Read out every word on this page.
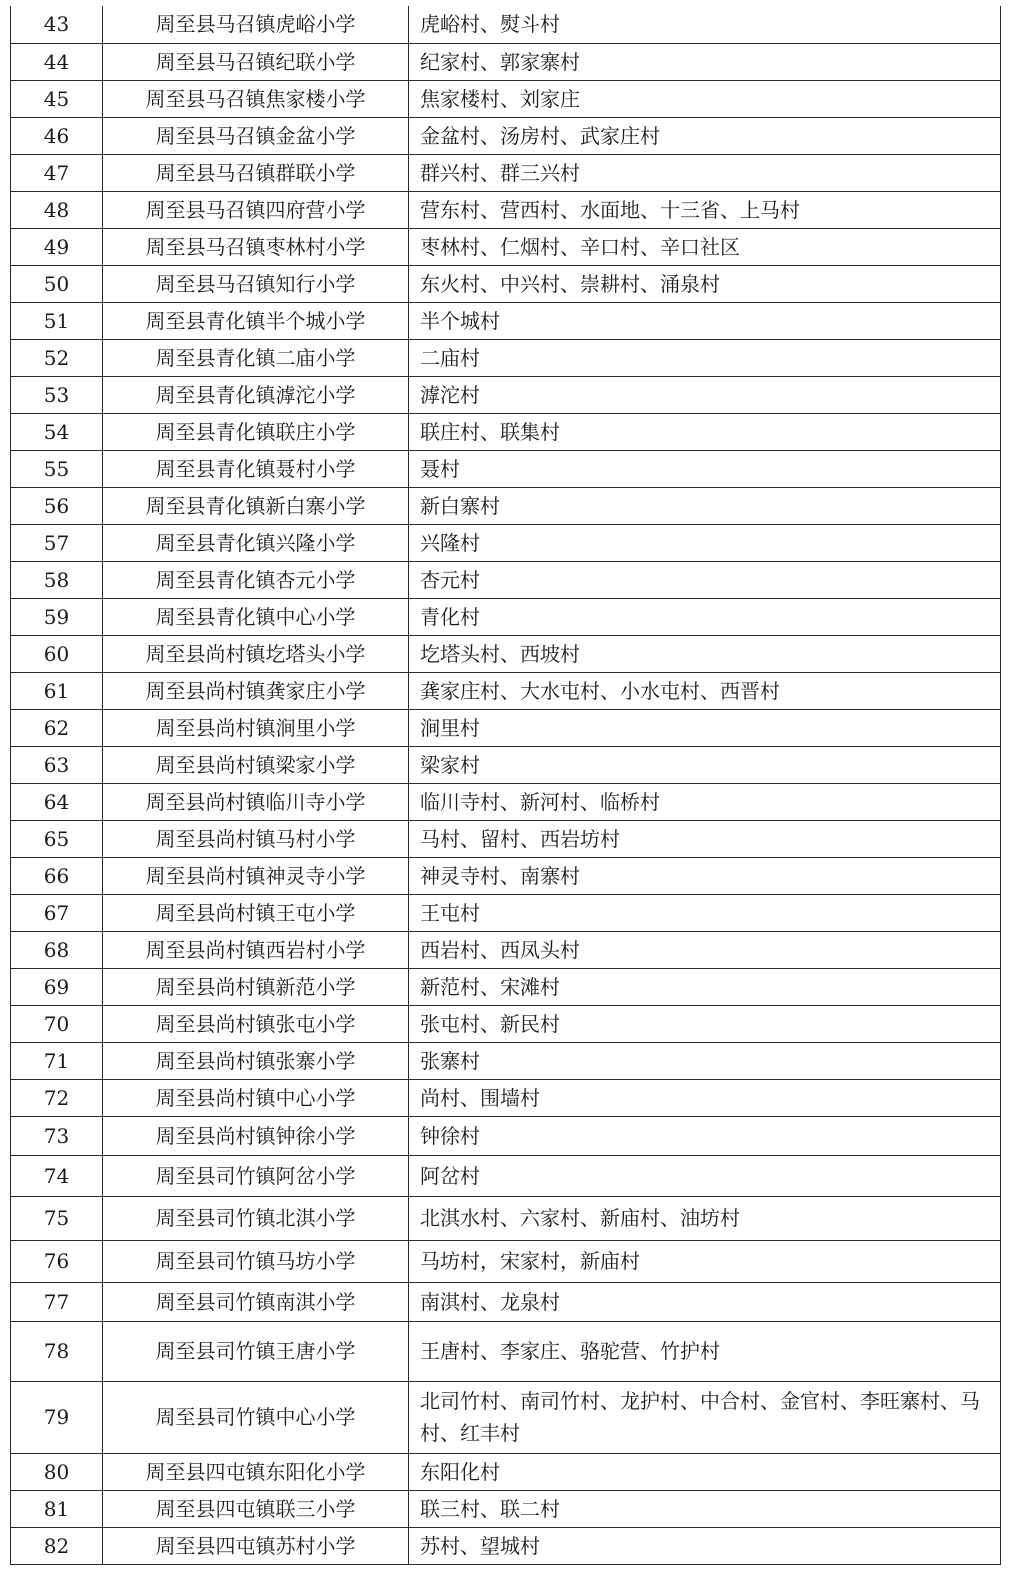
43	周至县马召镇虎峪小学	虎峪村、熨斗村
44	周至县马召镇纪联小学	纪家村、郭家寨村
45	周至县马召镇焦家楼小学	焦家楼村、刘家庄
46	周至县马召镇金盆小学	金盆村、汤房村、武家庄村
47	周至县马召镇群联小学	群兴村、群三兴村
48	周至县马召镇四府营小学	营东村、营西村、水面地、十三省、上马村
49	周至县马召镇枣林村小学	枣林村、仁烟村、辛口村、辛口社区
50	周至县马召镇知行小学	东火村、中兴村、崇耕村、涌泉村
51	周至县青化镇半个城小学	半个城村
52	周至县青化镇二庙小学	二庙村
53	周至县青化镇滹沱小学	滹沱村
54	周至县青化镇联庄小学	联庄村、联集村
55	周至县青化镇聂村小学	聂村
56	周至县青化镇新白寨小学	新白寨村
57	周至县青化镇兴隆小学	兴隆村
58	周至县青化镇杏元小学	杏元村
59	周至县青化镇中心小学	青化村
60	周至县尚村镇圪塔头小学	圪塔头村、西坡村
61	周至县尚村镇龚家庄小学	龚家庄村、大水屯村、小水屯村、西晋村
62	周至县尚村镇涧里小学	涧里村
63	周至县尚村镇梁家小学	梁家村
64	周至县尚村镇临川寺小学	临川寺村、新河村、临桥村
65	周至县尚村镇马村小学	马村、留村、西岩坊村
66	周至县尚村镇神灵寺小学	神灵寺村、南寨村
67	周至县尚村镇王屯小学	王屯村
68	周至县尚村镇西岩村小学	西岩村、西凤头村
69	周至县尚村镇新范小学	新范村、宋滩村
70	周至县尚村镇张屯小学	张屯村、新民村
71	周至县尚村镇张寨小学	张寨村
72	周至县尚村镇中心小学	尚村、围墙村
73	周至县尚村镇钟徐小学	钟徐村
74	周至县司竹镇阿岔小学	阿岔村
75	周至县司竹镇北淇小学	北淇水村、六家村、新庙村、油坊村
76	周至县司竹镇马坊小学	马坊村，宋家村，新庙村
77	周至县司竹镇南淇小学	南淇村、龙泉村
78	周至县司竹镇王唐小学	王唐村、李家庄、骆驼营、竹护村
79	周至县司竹镇中心小学	北司竹村、南司竹村、龙护村、中合村、金官村、李旺寨村、马村、红丰村
80	周至县四屯镇东阳化小学	东阳化村
81	周至县四屯镇联三小学	联三村、联二村
82	周至县四屯镇苏村小学	苏村、望城村
